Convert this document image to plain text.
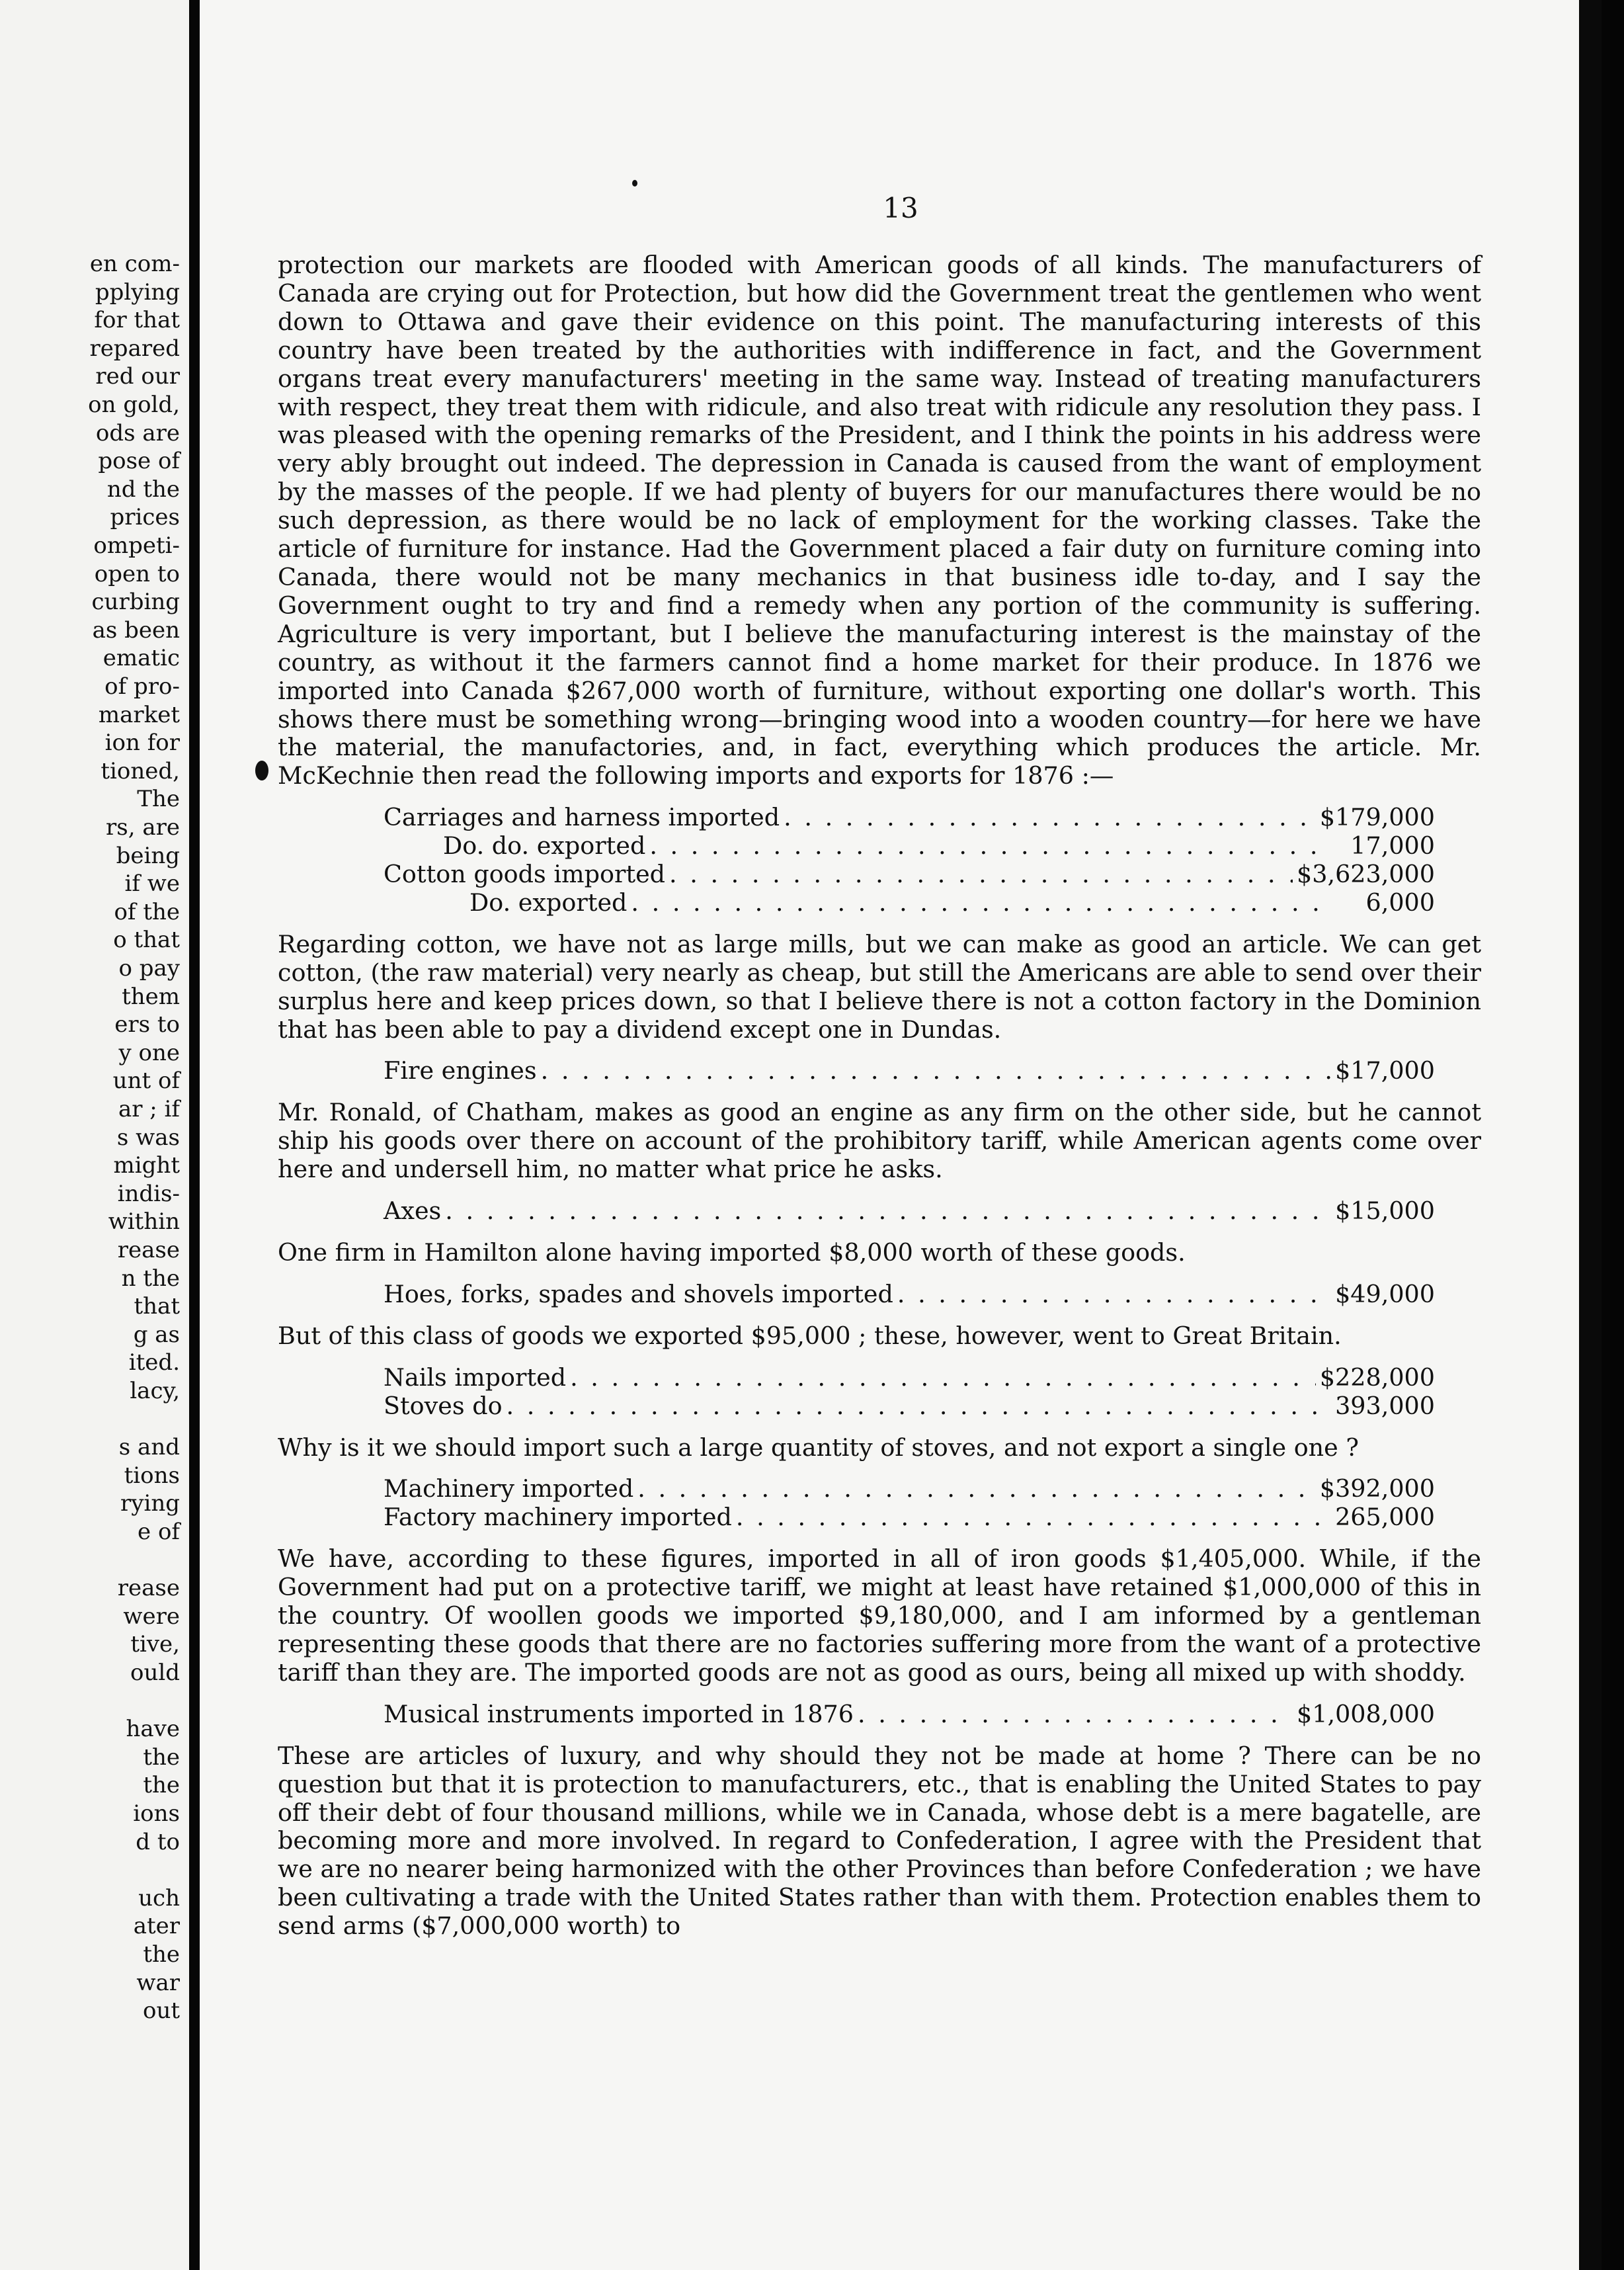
en com-

pplying

for that

repared

red our

on gold,

ods are

pose of

nd the

prices

ompeti-

open to

curbing

as been

ematic

of pro-

market

ion for

tioned,

The

rs, are

being

if we

of the

o that

o pay

them

ers to

y one

unt of

ar ; if

s was

might

indis-

within

rease

n the

that

g as

ited.

lacy,

s and

tions

rying

e of

rease

were

tive,

ould

have

the

the

ions

d to

uch

ater

the

war

out

13

protection our markets are flooded with American goods of all kinds. The manufacturers of Canada are crying out for Protection, but how did the Government treat the gentlemen who went down to Ottawa and gave their evidence on this point. The manufacturing interests of this country have been treated by the authorities with indifference in fact, and the Government organs treat every manufacturers' meeting in the same way. Instead of treating manufacturers with respect, they treat them with ridicule, and also treat with ridicule any resolution they pass. I was pleased with the opening remarks of the President, and I think the points in his address were very ably brought out indeed. The depression in Canada is caused from the want of employment by the masses of the people. If we had plenty of buyers for our manufactures there would be no such depression, as there would be no lack of employment for the working classes. Take the article of furniture for instance. Had the Government placed a fair duty on furniture coming into Canada, there would not be many mechanics in that business idle to-day, and I say the Government ought to try and find a remedy when any portion of the community is suffering. Agriculture is very important, but I believe the manufacturing interest is the mainstay of the country, as without it the farmers cannot find a home market for their produce. In 1876 we imported into Canada $267,000 worth of furniture, without exporting one dollar's worth. This shows there must be something wrong—bringing wood into a wooden country—for here we have the material, the manufactories, and, in fact, everything which produces the article. Mr. McKechnie then read the following imports and exports for 1876 :—

Carriages and harness imported . . .	$179,000
Do. do. exported . . .	17,000
Cotton goods imported . . .	$3,623,000
Do. exported . . .	6,000

Regarding cotton, we have not as large mills, but we can make as good an article. We can get cotton, (the raw material) very nearly as cheap, but still the Americans are able to send over their surplus here and keep prices down, so that I believe there is not a cotton factory in the Dominion that has been able to pay a dividend except one in Dundas.

Fire engines . . .	$17,000

Mr. Ronald, of Chatham, makes as good an engine as any firm on the other side, but he cannot ship his goods over there on account of the prohibitory tariff, while American agents come over here and undersell him, no matter what price he asks.

Axes . . .	$15,000

One firm in Hamilton alone having imported $8,000 worth of these goods.

Hoes, forks, spades and shovels imported . . .	$49,000

But of this class of goods we exported $95,000 ; these, however, went to Great Britain.

Nails imported . . .	$228,000
Stoves do . . .	393,000

Why is it we should import such a large quantity of stoves, and not export a single one ?

Machinery imported . . .	$392,000
Factory machinery imported . . .	265,000

We have, according to these figures, imported in all of iron goods $1,405,000. While, if the Government had put on a protective tariff, we might at least have retained $1,000,000 of this in the country. Of woollen goods we imported $9,180,000, and I am informed by a gentleman representing these goods that there are no factories suffering more from the want of a protective tariff than they are. The imported goods are not as good as ours, being all mixed up with shoddy.

Musical instruments imported in 1876 . . .	$1,008,000

These are articles of luxury, and why should they not be made at home ? There can be no question but that it is protection to manufacturers, etc., that is enabling the United States to pay off their debt of four thousand millions, while we in Canada, whose debt is a mere bagatelle, are becoming more and more involved. In regard to Confederation, I agree with the President that we are no nearer being harmonized with the other Provinces than before Confederation ; we have been cultivating a trade with the United States rather than with them. Protection enables them to send arms ($7,000,000 worth) to
